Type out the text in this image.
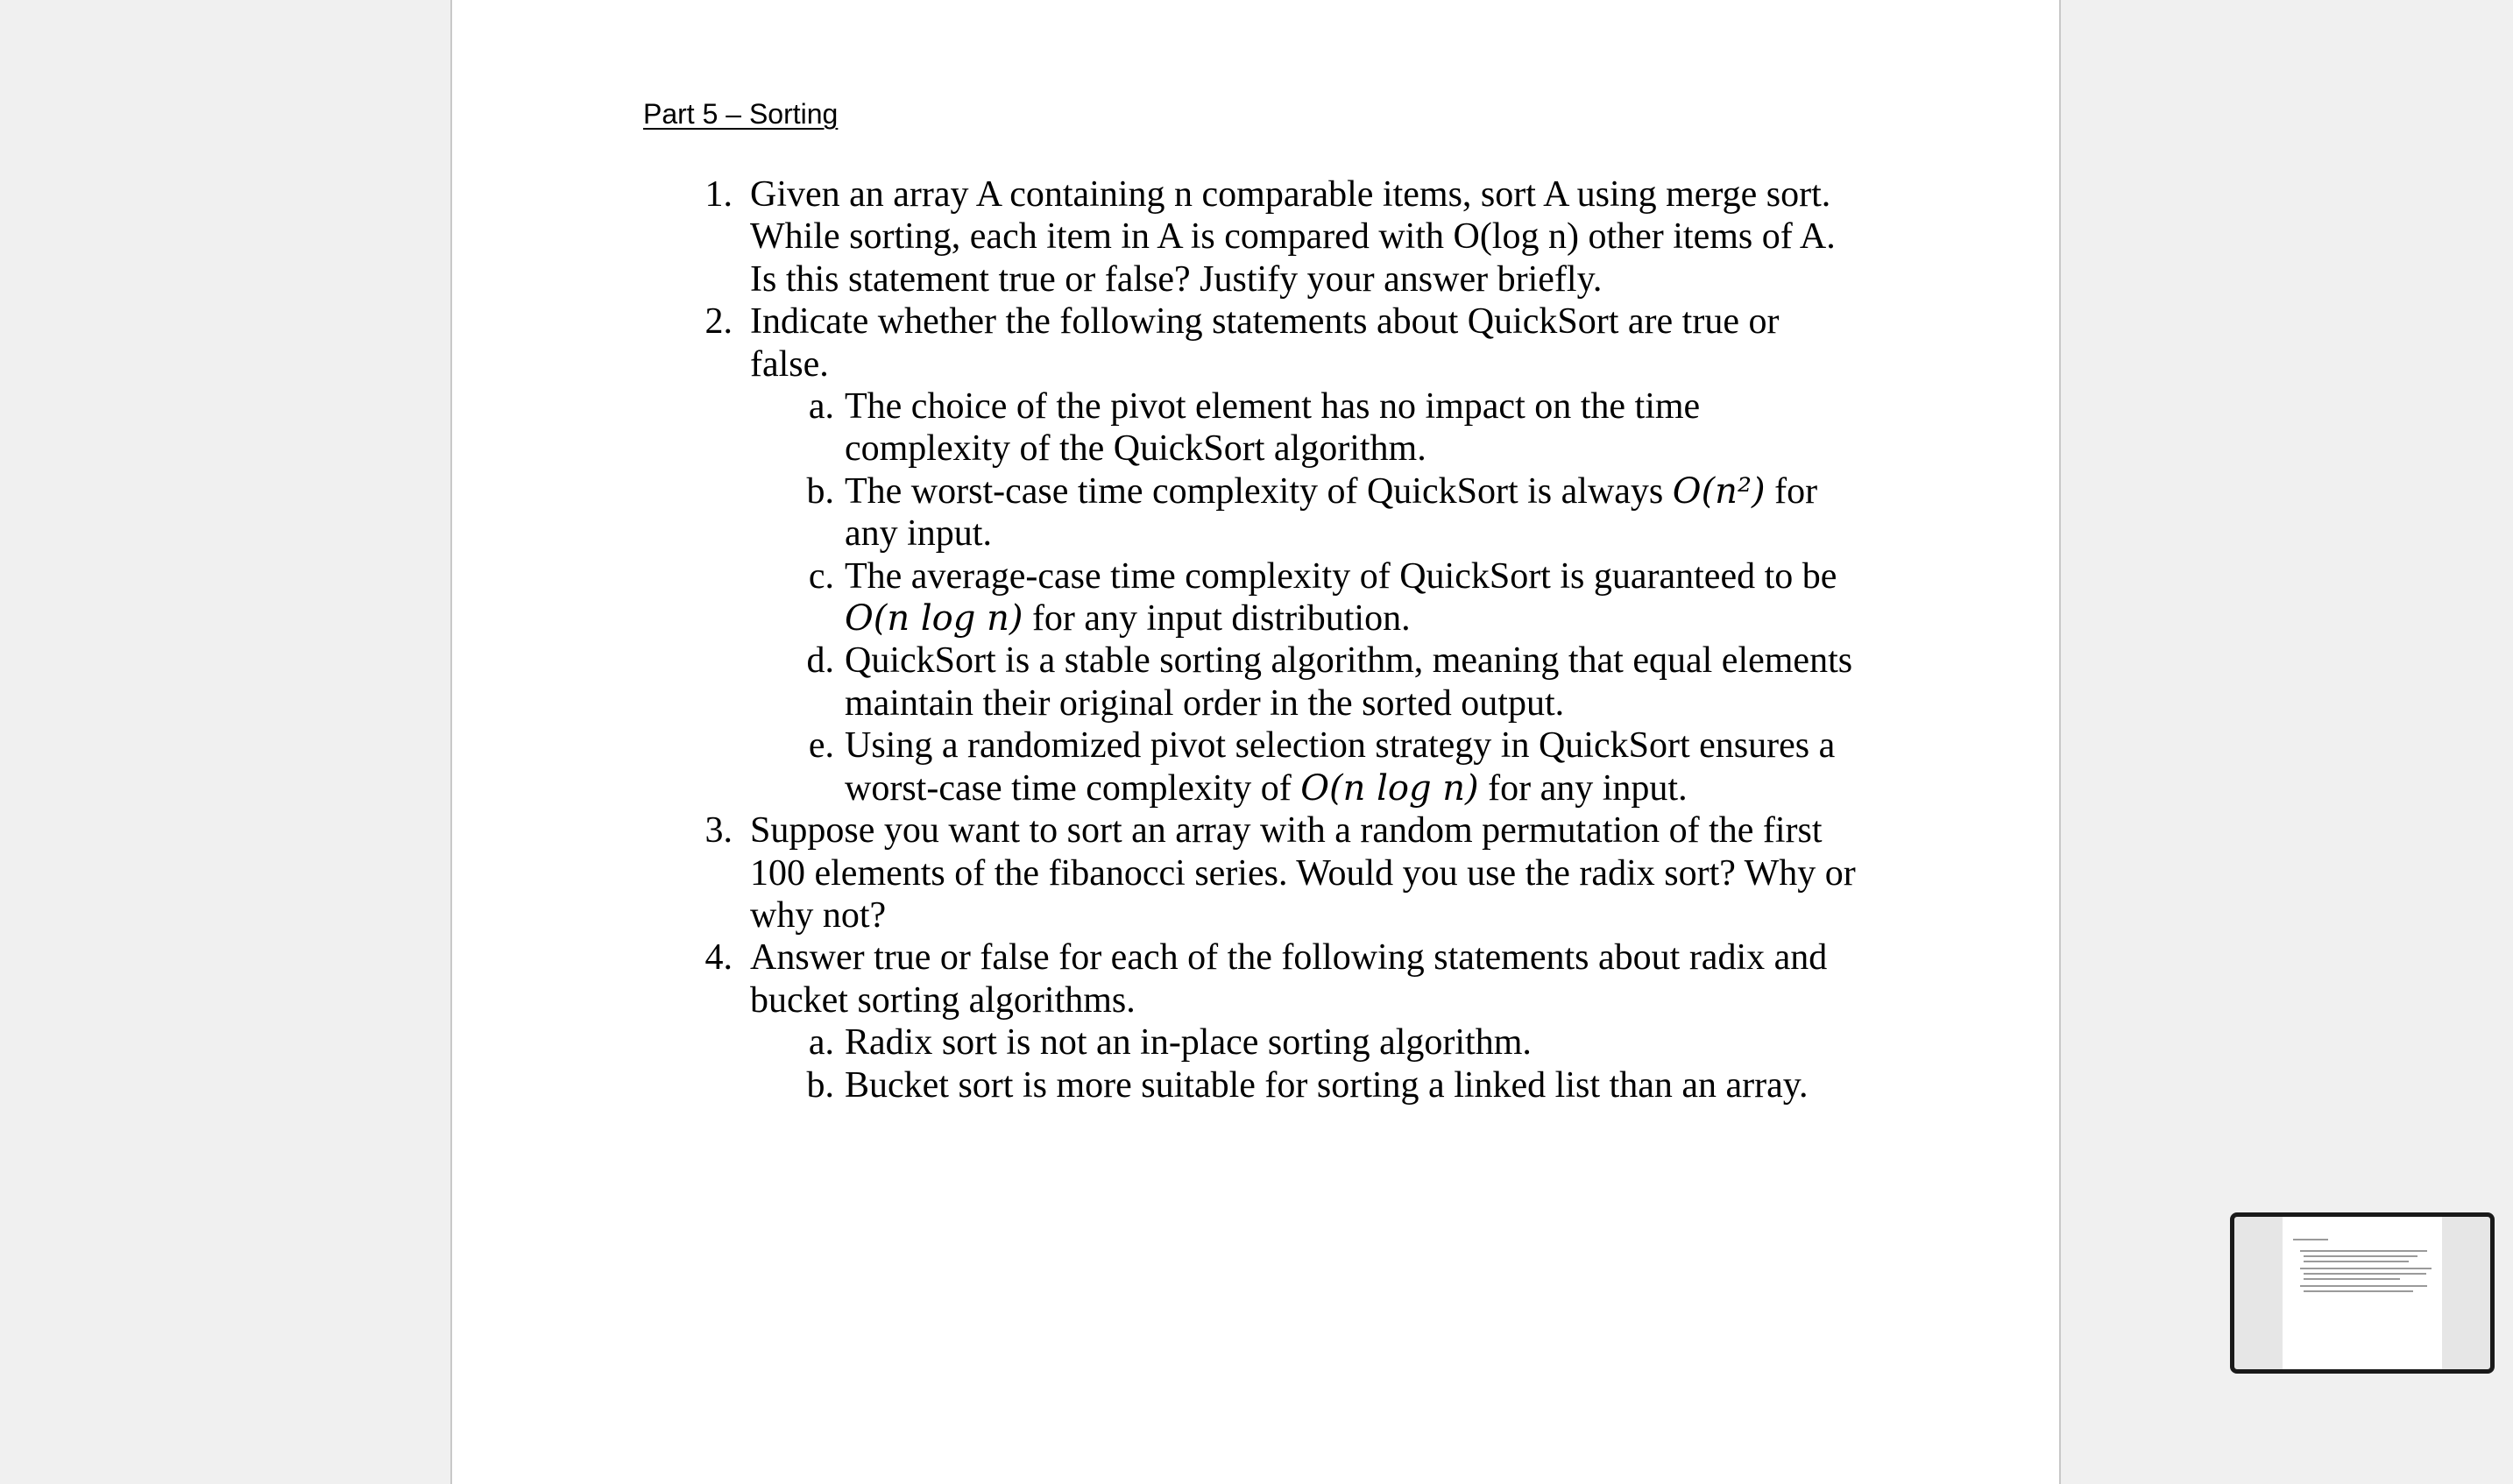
Part 5 – Sorting
1. Given an array A containing n comparable items, sort A using merge sort. While sorting, each item in A is compared with O(log n) other items of A. Is this statement true or false? Justify your answer briefly.
2. Indicate whether the following statements about QuickSort are true or false.
a. The choice of the pivot element has no impact on the time complexity of the QuickSort algorithm.
b. The worst-case time complexity of QuickSort is always O(n²) for any input.
c. The average-case time complexity of QuickSort is guaranteed to be O(n log n) for any input distribution.
d. QuickSort is a stable sorting algorithm, meaning that equal elements maintain their original order in the sorted output.
e. Using a randomized pivot selection strategy in QuickSort ensures a worst-case time complexity of O(n log n) for any input.
3. Suppose you want to sort an array with a random permutation of the first 100 elements of the fibanocci series. Would you use the radix sort? Why or why not?
4. Answer true or false for each of the following statements about radix and bucket sorting algorithms.
a. Radix sort is not an in-place sorting algorithm.
b. Bucket sort is more suitable for sorting a linked list than an array.
